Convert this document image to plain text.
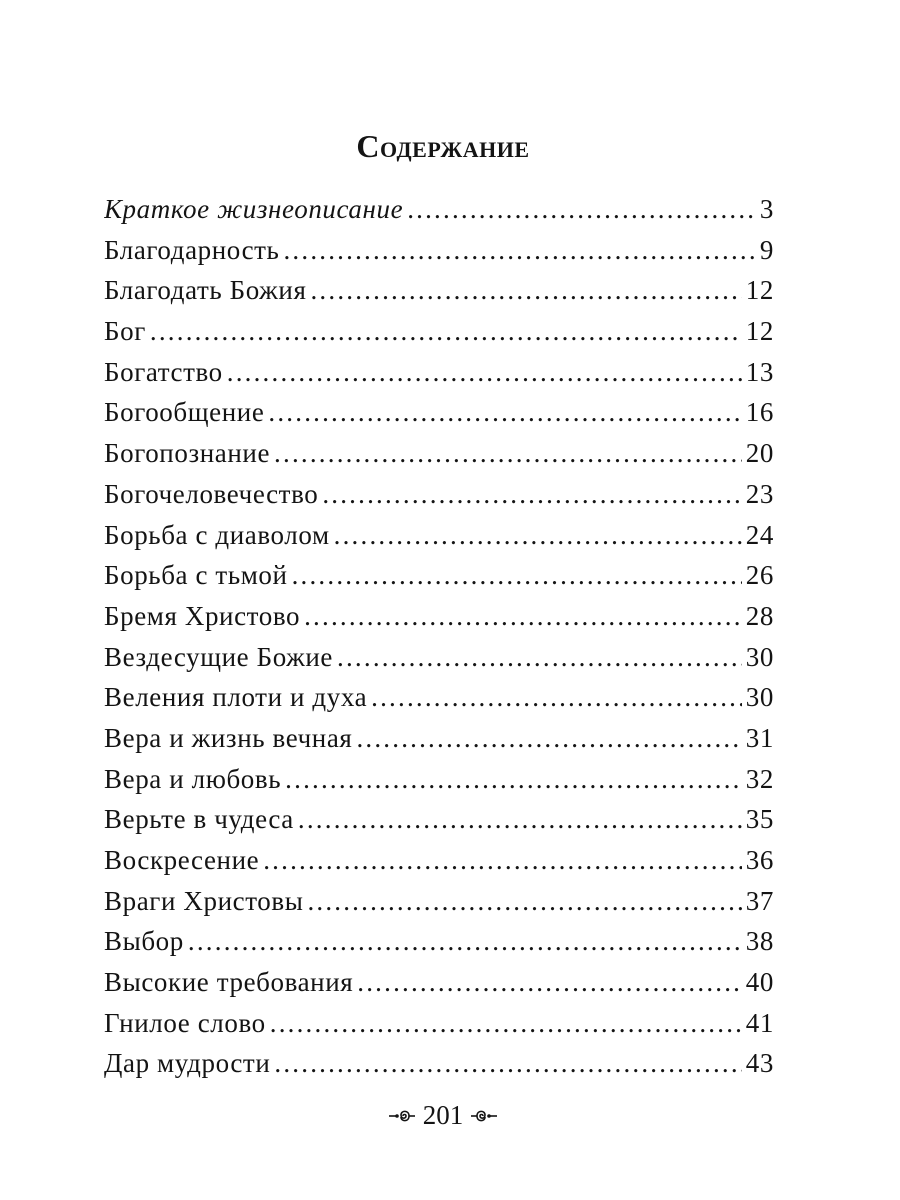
Содержание
Краткое жизнеописание .....	3
Благодарность .....	9
Благодать Божия .....	12
Бог .....	12
Богатство .....	13
Богообщение .....	16
Богопознание .....	20
Богочеловечество .....	23
Борьба с диаволом .....	24
Борьба с тьмой .....	26
Бремя Христово .....	28
Вездесущие Божие .....	30
Веления плоти и духа .....	30
Вера и жизнь вечная .....	31
Вера и любовь .....	32
Верьте в чудеса .....	35
Воскресение .....	36
Враги Христовы .....	37
Выбор .....	38
Высокие требования .....	40
Гнилое слово .....	41
Дар мудрости .....	43
201
